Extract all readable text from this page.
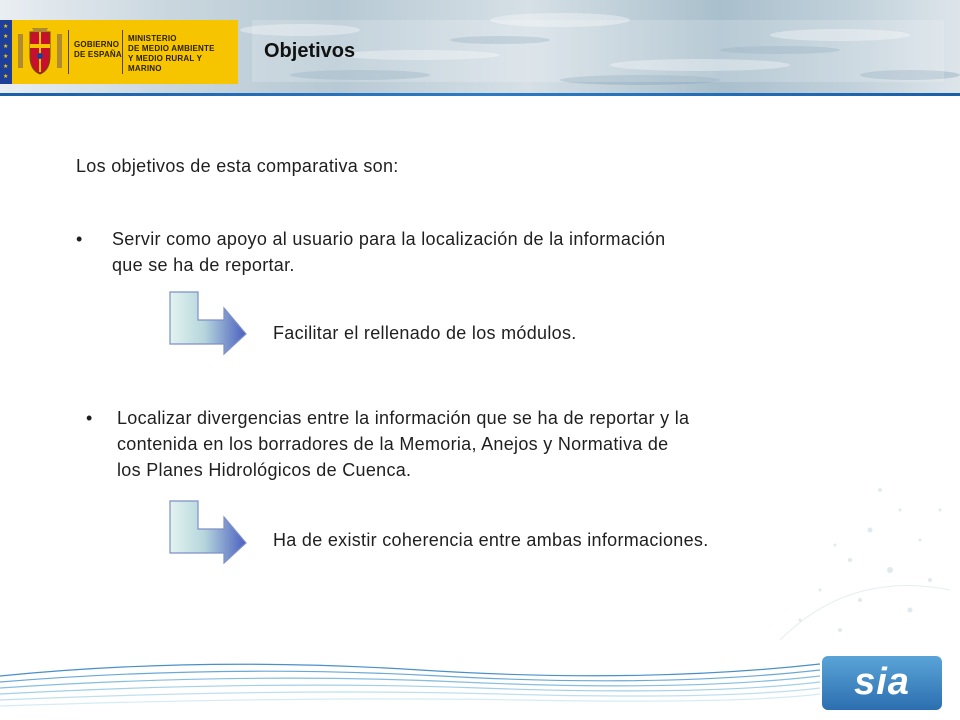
★
★
★
★
★
★
GOBIERNO
DE ESPAÑA
MINISTERIO
DE MEDIO AMBIENTE
Y MEDIO RURAL Y MARINO
Objetivos
Los objetivos de esta comparativa son:
• Servir como apoyo al usuario para la localización de la información
que se ha de reportar.
Facilitar el rellenado de los módulos.
• Localizar divergencias entre la información que se ha de reportar y la
contenida en los borradores de la Memoria, Anejos y Normativa de
los Planes Hidrológicos de Cuenca.
Ha de existir coherencia entre ambas informaciones.
sia
